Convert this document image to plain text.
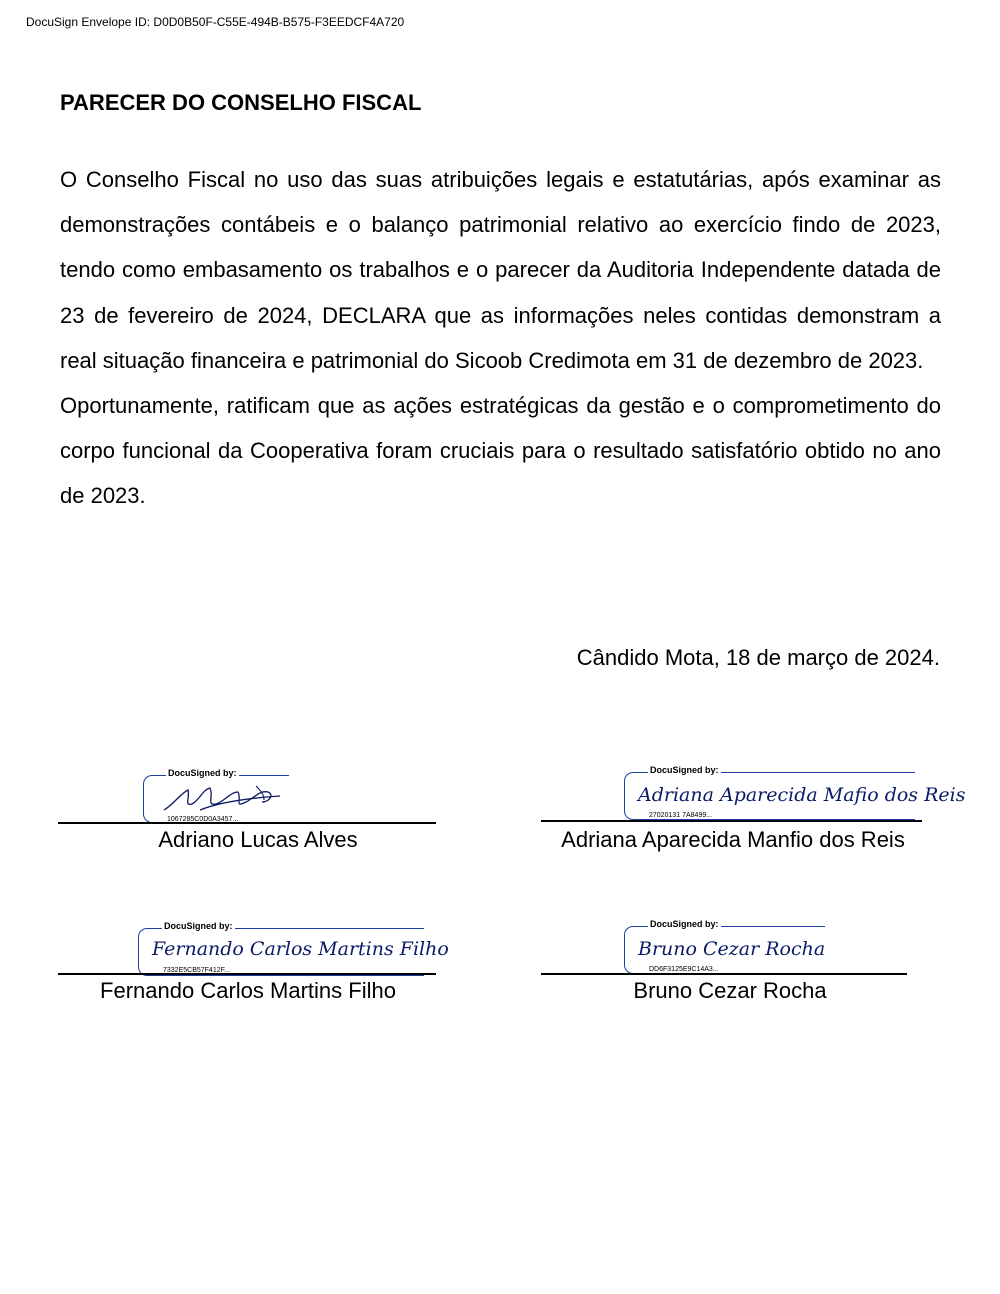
DocuSign Envelope ID: D0D0B50F-C55E-494B-B575-F3EEDCF4A720
PARECER DO CONSELHO FISCAL

O Conselho Fiscal no uso das suas atribuições legais e estatutárias, após examinar as demonstrações contábeis e o balanço patrimonial relativo ao exercício findo de 2023, tendo como embasamento os trabalhos e o parecer da Auditoria Independente datada de 23 de fevereiro de 2024, DECLARA que as informações neles contidas demonstram a real situação financeira e patrimonial do Sicoob Credimota em 31 de dezembro de 2023.

Oportunamente, ratificam que as ações estratégicas da gestão e o comprometimento do corpo funcional da Cooperativa foram cruciais para o resultado satisfatório obtido no ano de 2023.

Cândido Mota, 18 de março de 2024.
DocuSigned by:
1067285C0D0A3457...
Adriano Lucas Alves
DocuSigned by:
Adriana Aparecida Mafio dos Reis
27020131 7A8499...
Adriana Aparecida Manfio dos Reis
DocuSigned by:
Fernando Carlos Martins Filho
7332E5CB57F412F...
Fernando Carlos Martins Filho
DocuSigned by:
Bruno Cezar Rocha
DD6F3125E9C14A3...
Bruno Cezar Rocha
